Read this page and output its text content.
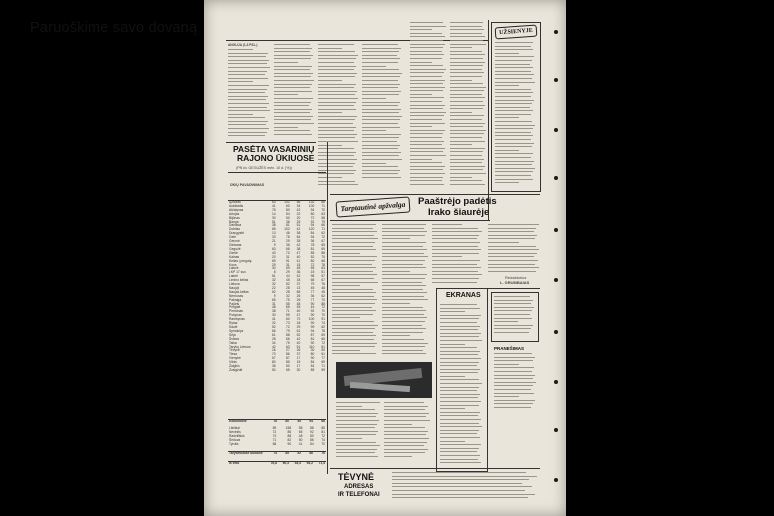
Paruoškime savo dovaną
ANGLIJA (1-3 PSL.)
PASĖTA VASARINIŲ
RAJONO ŪKIUOSE
(PN kv. GEGUŽĖS mėn. 10 d. (%))
ŪKIŲ PAVADINIMAS
Ąžuolas	63	102	56	132	86
Aukštaitis	41	60	34	100	71
Atžalynas	76	80	42	94	70
Artojas	14	54	22	80	63
Bijūnas	30	50	20	72	58
Banga	51	38	25	92	79
Dainava	38	81	51	94	66
Dobilas	65	102	42	120	71
Draugystė	13	46	38	84	62
Gelė	33	78	64	94	72
Gerovė	21	29	35	36	67
Gintaras	9	36	42	78	65
Gegužė	63	68	38	81	69
Girelė	43	70	47	85	88
Kalnas	20	31	40	52	70
Kelias į pergalę	69	91	41	80	68
Kova	29	31	15	72	78
Laisvė	30	69	48	55	63
LKP 17 suv.	8	29	36	15	51
Laimė	51	44	42	98	57
Lenino kelias	32	45	18	68	67
Lietuva	32	52	37	79	76
Naujoji	22	28	13	45	48
Naujas kelias	52	28	68	77	45
Nemunas	9	32	25	36	62
Pabaiga	65	75	25	77	70
Pajūris	31	55	48	90	88
Pergalė	48	65	45	44	72
Pirmūnas	38	71	40	92	70
Pušynas	30	55	47	90	70
Rambynas	41	60	72	100	91
Rytas	32	73	18	90	74
Saulė	52	72	29	99	62
Spindulys	66	79	61	94	78
Sėja	61	88	52	87	69
Šviesa	28	66	42	81	66
Taika	34	75	40	90	72
Tarybų Lietuva	42	63	51	110	81
Tėvynė	16	27	26	30	50
Tiesa	70	86	37	80	61
Vienybė	57	87	17	90	77
Vilnis	80	85	15	84	69
Žalgiris	36	50	17	54	71
Žvaigždė	50	65	30	85	59
Kolūkiuose	78	80	49	94	68
Lileikiai	69	158	58	88	85
Nevėžis	72	86	65	92	81
Radviliškis	74	88	48	80	72
Šeduva	71	82	50	86	74
Tyrulis	68	90	41	84	70
Tarybiniuose ūkiuose	74	89	52	86	76
Iš viso	76,8	90,3	53,4	93,2	71,4
UŽSIENYJE
Tarptautinė apžvalga	Paaštrėjo padėtis
Irako šiaurėje
Redaktorius
L. GRUMBAIAS
EKRANAS
PRANEŠIMAS
TĖVYNĖ
ADRESAS
IR TELEFONAI
